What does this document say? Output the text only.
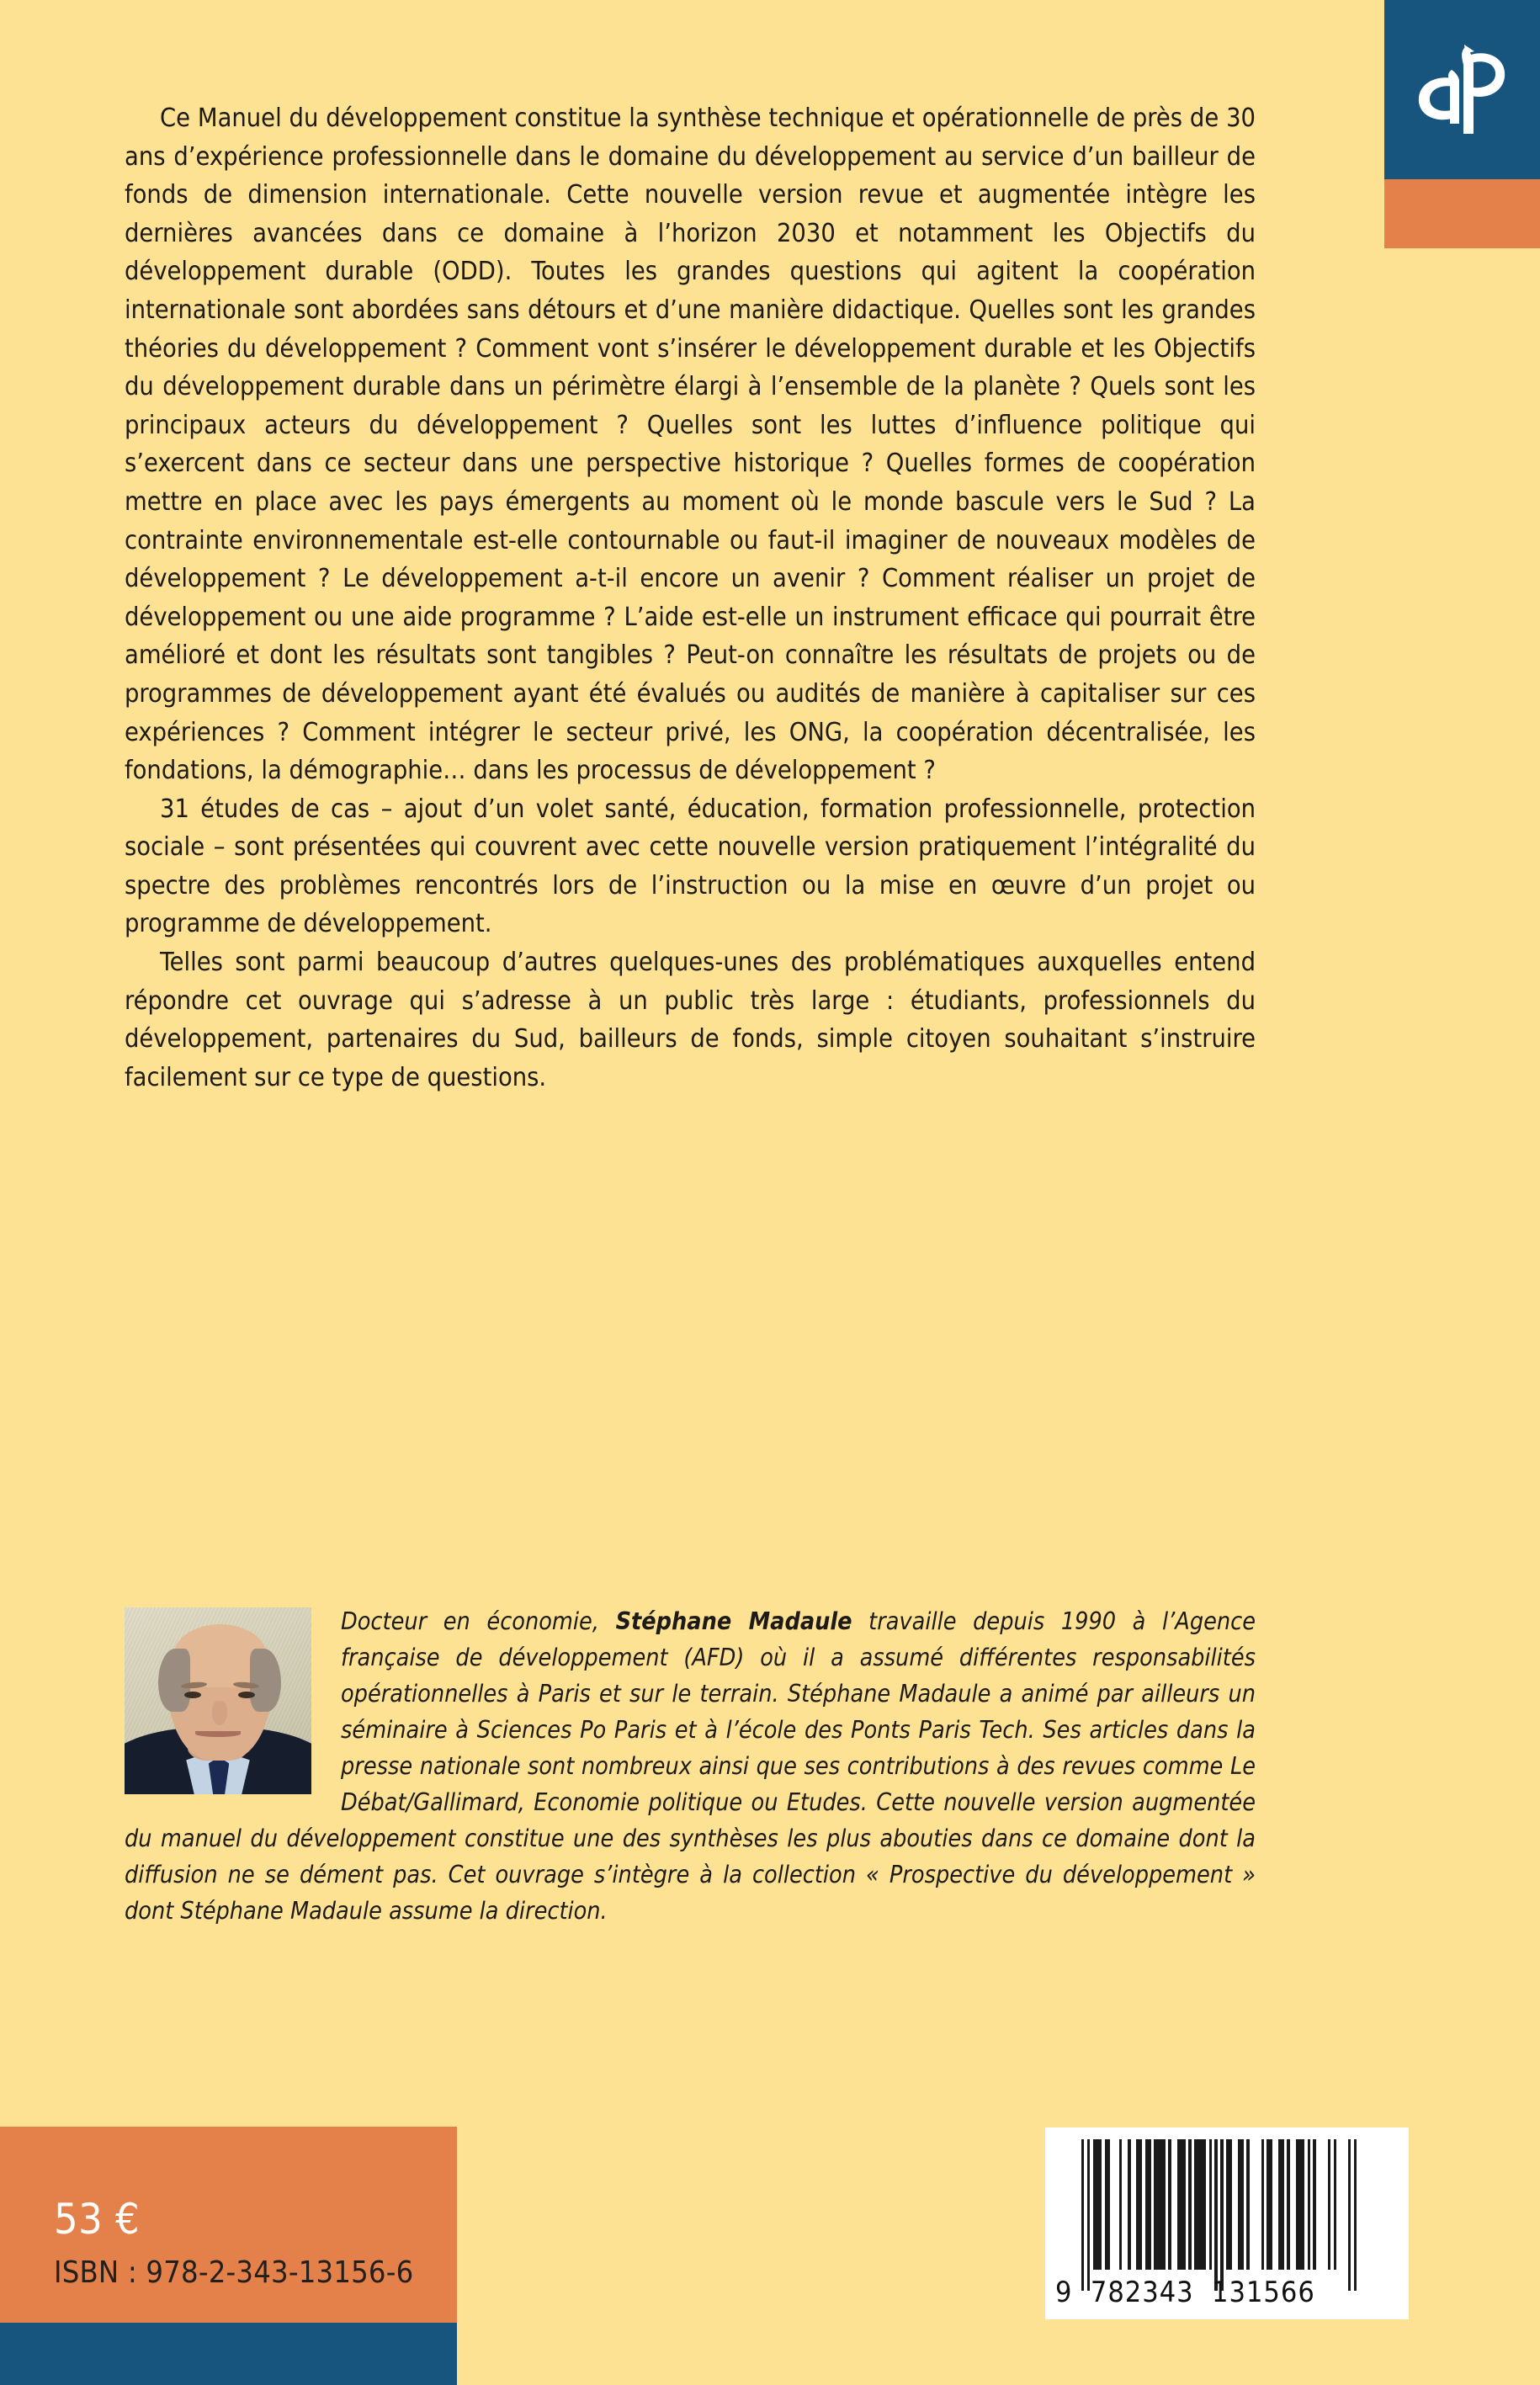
Ce Manuel du développement constitue la synthèse technique et opérationnelle de près de 30 ans d’expérience professionnelle dans le domaine du développement au service d’un bailleur de fonds de dimension internationale. Cette nouvelle version revue et augmentée intègre les dernières avancées dans ce domaine à l’horizon 2030 et notamment les Objectifs du développement durable (ODD). Toutes les grandes questions qui agitent la coopération internationale sont abordées sans détours et d’une manière didactique. Quelles sont les grandes théories du développement ? Comment vont s’insérer le développement durable et les Objectifs du développement durable dans un périmètre élargi à l’ensemble de la planète ? Quels sont les principaux acteurs du développement ? Quelles sont les luttes d’influence politique qui s’exercent dans ce secteur dans une perspective historique ? Quelles formes de coopération mettre en place avec les pays émergents au moment où le monde bascule vers le Sud ? La contrainte environnementale est-elle contournable ou faut-il imaginer de nouveaux modèles de développement ? Le développement a-t-il encore un avenir ? Comment réaliser un projet de développement ou une aide programme ? L’aide est-elle un instrument efficace qui pourrait être amélioré et dont les résultats sont tangibles ? Peut-on connaître les résultats de projets ou de programmes de développement ayant été évalués ou audités de manière à capitaliser sur ces expériences ? Comment intégrer le secteur privé, les ONG, la coopération décentralisée, les fondations, la démographie… dans les processus de développement ?

31 études de cas – ajout d’un volet santé, éducation, formation professionnelle, protection sociale – sont présentées qui couvrent avec cette nouvelle version pratiquement l’intégralité du spectre des problèmes rencontrés lors de l’instruction ou la mise en œuvre d’un projet ou programme de développement.

Telles sont parmi beaucoup d’autres quelques-unes des problématiques auxquelles entend répondre cet ouvrage qui s’adresse à un public très large : étudiants, professionnels du développement, partenaires du Sud, bailleurs de fonds, simple citoyen souhaitant s’instruire facilement sur ce type de questions.

Docteur en économie, Stéphane Madaule travaille depuis 1990 à l’Agence française de développement (AFD) où il a assumé différentes responsabilités opérationnelles à Paris et sur le terrain. Stéphane Madaule a animé par ailleurs un séminaire à Sciences Po Paris et à l’école des Ponts Paris Tech. Ses articles dans la presse nationale sont nombreux ainsi que ses contributions à des revues comme Le Débat/Gallimard, Economie politique ou Etudes. Cette nouvelle version augmentée du manuel du développement constitue une des synthèses les plus abouties dans ce domaine dont la diffusion ne se dément pas. Cet ouvrage s’intègre à la collection « Prospective du développement » dont Stéphane Madaule assume la direction.
53 €
ISBN : 978-2-343-13156-6
9  782343  131566
